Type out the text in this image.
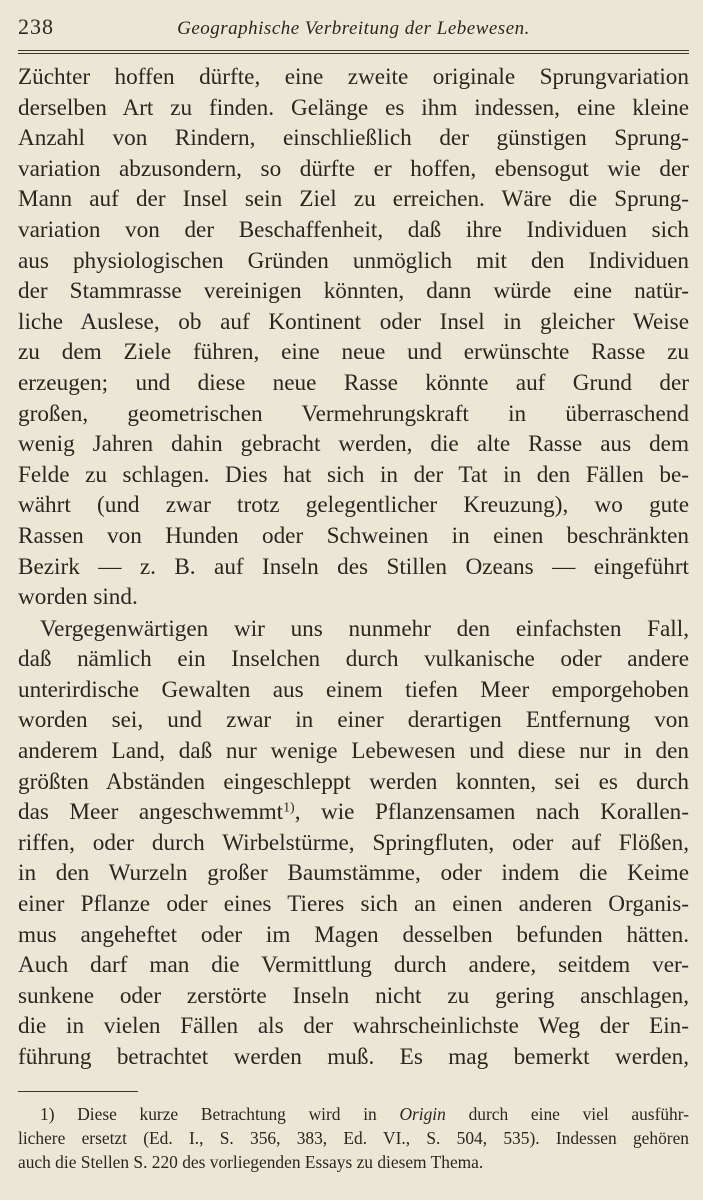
238	Geographische Verbreitung der Lebewesen.
Züchter hoffen dürfte, eine zweite originale Sprungvariation
derselben Art zu finden. Gelänge es ihm indessen, eine kleine
Anzahl von Rindern, einschließlich der günstigen Sprung-
variation abzusondern, so dürfte er hoffen, ebensogut wie der
Mann auf der Insel sein Ziel zu erreichen. Wäre die Sprung-
variation von der Beschaffenheit, daß ihre Individuen sich
aus physiologischen Gründen unmöglich mit den Individuen
der Stammrasse vereinigen könnten, dann würde eine natür-
liche Auslese, ob auf Kontinent oder Insel in gleicher Weise
zu dem Ziele führen, eine neue und erwünschte Rasse zu
erzeugen; und diese neue Rasse könnte auf Grund der
großen, geometrischen Vermehrungskraft in überraschend
wenig Jahren dahin gebracht werden, die alte Rasse aus dem
Felde zu schlagen. Dies hat sich in der Tat in den Fällen be-
währt (und zwar trotz gelegentlicher Kreuzung), wo gute
Rassen von Hunden oder Schweinen in einen beschränkten
Bezirk — z. B. auf Inseln des Stillen Ozeans — eingeführt
worden sind.
Vergegenwärtigen wir uns nunmehr den einfachsten Fall,
daß nämlich ein Inselchen durch vulkanische oder andere
unterirdische Gewalten aus einem tiefen Meer emporgehoben
worden sei, und zwar in einer derartigen Entfernung von
anderem Land, daß nur wenige Lebewesen und diese nur in den
größten Abständen eingeschleppt werden konnten, sei es durch
das Meer angeschwemmt$^{1)}$, wie Pflanzensamen nach Korallen-
riffen, oder durch Wirbelstürme, Springfluten, oder auf Flößen,
in den Wurzeln großer Baumstämme, oder indem die Keime
einer Pflanze oder eines Tieres sich an einen anderen Organis-
mus angeheftet oder im Magen desselben befunden hätten.
Auch darf man die Vermittlung durch andere, seitdem ver-
sunkene oder zerstörte Inseln nicht zu gering anschlagen,
die in vielen Fällen als der wahrscheinlichste Weg der Ein-
führung betrachtet werden muß. Es mag bemerkt werden,
1) Diese kurze Betrachtung wird in Origin durch eine viel ausführ-
lichere ersetzt (Ed. I., S. 356, 383, Ed. VI., S. 504, 535). Indessen gehören
auch die Stellen S. 220 des vorliegenden Essays zu diesem Thema.
